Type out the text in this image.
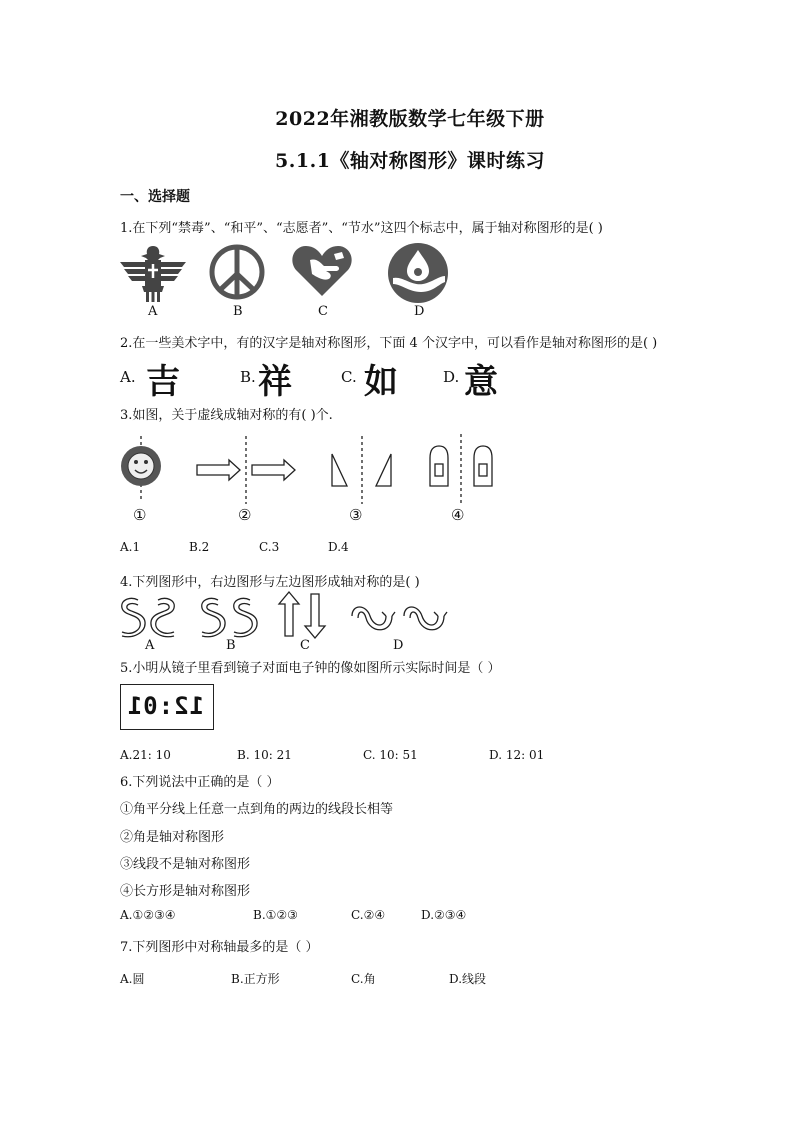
2022年湘教版数学七年级下册
5.1.1《轴对称图形》课时练习
一、选择题
1.在下列“禁毒”、“和平”、“志愿者”、“节水”这四个标志中，属于轴对称图形的是( )
A	B	C	D
2.在一些美术字中，有的汉字是轴对称图形，下面 4 个汉字中，可以看作是轴对称图形的是( )
A. 吉	B. 祥	C. 如	D. 意
3.如图，关于虚线成轴对称的有( )个.
①	②	③	④
A.1	B.2	C.3	D.4
4.下列图形中，右边图形与左边图形成轴对称的是( )
A	B	C	D
5.小明从镜子里看到镜子对面电子钟的像如图所示实际时间是（ ）
12:01
A.21: 10	B. 10: 21	C. 10: 51	D. 12: 01
6.下列说法中正确的是（ ）
①角平分线上任意一点到角的两边的线段长相等
②角是轴对称图形
③线段不是轴对称图形
④长方形是轴对称图形
A.①②③④	B.①②③	C.②④	D.②③④
7.下列图形中对称轴最多的是（ ）
A.圆	B.正方形	C.角	D.线段
